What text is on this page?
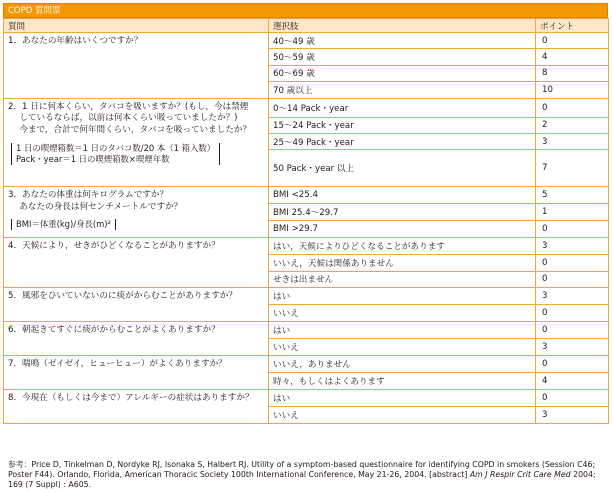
COPD 質問票
質問	選択肢	ポイント

1．あなたの年齢はいくつですか？	40～49 歳	0
	50～59 歳	4
	60～69 歳	8
	70 歳以上	10

2．1 日に何本くらい，タバコを吸いますか？(もし，今は禁煙
　 しているならば，以前は何本くらい吸っていましたか？)
　 今まで，合計で何年間くらい，タバコを吸っていましたか？
1 日の喫煙箱数＝1 日のタバコ数/20 本（1 箱入数）
Pack・year＝1 日の喫煙箱数×喫煙年数	0～14 Pack・year	0
	15～24 Pack・year	2
	25～49 Pack・year	3
	50 Pack・year 以上	7

3．あなたの体重は何キログラムですか？
　 あなたの身長は何センチメートルですか？
BMI＝体重(kg)/身長(m)²	BMI <25.4	5
	BMI 25.4～29.7	1
	BMI >29.7	0

4．天候により，せきがひどくなることがありますか？	はい，天候によりひどくなることがあります	3
	いいえ，天候は関係ありません	0
	せきは出ません	0

5．風邪をひいていないのに痰がからむことがありますか？	はい	3
	いいえ	0

6．朝起きてすぐに痰がからむことがよくありますか？	はい	0
	いいえ	3

7．喘鳴（ゼイゼイ，ヒューヒュー）がよくありますか？	いいえ，ありません	0
	時々，もしくはよくあります	4

8．今現在（もしくは今まで）アレルギーの症状はありますか？	はい	0
	いいえ	3
参考：Price D, Tinkelman D, Nordyke RJ, Isonaka S, Halbert RJ. Utility of a symptom-based questionnaire for identifying COPD in smokers (Session C46; Poster F44). Orlando, Florida, American Thoracic Society 100th International Conference, May 21-26, 2004. [abstract] Am J Respir Crit Care Med 2004; 169 (7 Suppl) : A605.
